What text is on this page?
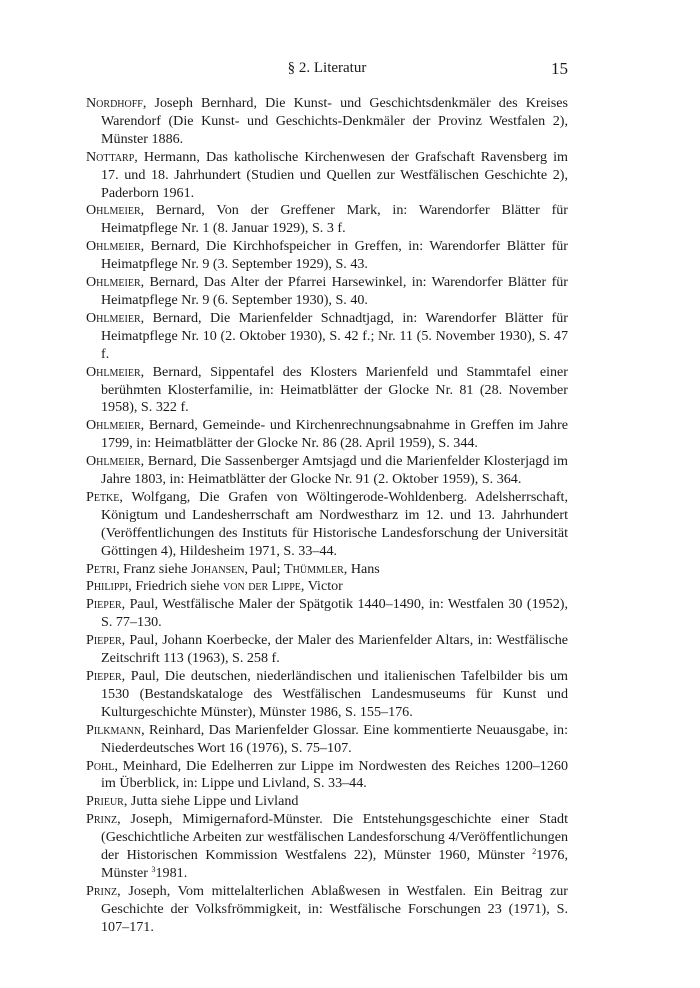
§ 2. Literatur	15

Nordhoff, Joseph Bernhard, Die Kunst- und Geschichtsdenkmäler des Kreises Warendorf (Die Kunst- und Geschichts-Denkmäler der Provinz Westfalen 2), Münster 1886.

Nottarp, Hermann, Das katholische Kirchenwesen der Grafschaft Ravensberg im 17. und 18. Jahrhundert (Studien und Quellen zur Westfälischen Geschichte 2), Paderborn 1961.

Ohlmeier, Bernard, Von der Greffener Mark, in: Warendorfer Blätter für Heimatpflege Nr. 1 (8. Januar 1929), S. 3 f.

Ohlmeier, Bernard, Die Kirchhofspeicher in Greffen, in: Warendorfer Blätter für Heimatpflege Nr. 9 (3. September 1929), S. 43.

Ohlmeier, Bernard, Das Alter der Pfarrei Harsewinkel, in: Warendorfer Blätter für Heimatpflege Nr. 9 (6. September 1930), S. 40.

Ohlmeier, Bernard, Die Marienfelder Schnadtjagd, in: Warendorfer Blätter für Heimatpflege Nr. 10 (2. Oktober 1930), S. 42 f.; Nr. 11 (5. November 1930), S. 47 f.

Ohlmeier, Bernard, Sippentafel des Klosters Marienfeld und Stammtafel einer berühmten Klosterfamilie, in: Heimatblätter der Glocke Nr. 81 (28. November 1958), S. 322 f.

Ohlmeier, Bernard, Gemeinde- und Kirchenrechnungsabnahme in Greffen im Jahre 1799, in: Heimatblätter der Glocke Nr. 86 (28. April 1959), S. 344.

Ohlmeier, Bernard, Die Sassenberger Amtsjagd und die Marienfelder Klosterjagd im Jahre 1803, in: Heimatblätter der Glocke Nr. 91 (2. Oktober 1959), S. 364.

Petke, Wolfgang, Die Grafen von Wöltingerode-Wohldenberg. Adelsherrschaft, Königtum und Landesherrschaft am Nordwestharz im 12. und 13. Jahrhundert (Veröffentlichungen des Instituts für Historische Landesforschung der Universität Göttingen 4), Hildesheim 1971, S. 33–44.

Petri, Franz siehe Johansen, Paul; Thümmler, Hans

Philippi, Friedrich siehe von der Lippe, Victor

Pieper, Paul, Westfälische Maler der Spätgotik 1440–1490, in: Westfalen 30 (1952), S. 77–130.

Pieper, Paul, Johann Koerbecke, der Maler des Marienfelder Altars, in: Westfälische Zeitschrift 113 (1963), S. 258 f.

Pieper, Paul, Die deutschen, niederländischen und italienischen Tafelbilder bis um 1530 (Bestandskataloge des Westfälischen Landesmuseums für Kunst und Kulturgeschichte Münster), Münster 1986, S. 155–176.

Pilkmann, Reinhard, Das Marienfelder Glossar. Eine kommentierte Neuausgabe, in: Niederdeutsches Wort 16 (1976), S. 75–107.

Pohl, Meinhard, Die Edelherren zur Lippe im Nordwesten des Reiches 1200–1260 im Überblick, in: Lippe und Livland, S. 33–44.

Prieur, Jutta siehe Lippe und Livland

Prinz, Joseph, Mimigernaford-Münster. Die Entstehungsgeschichte einer Stadt (Geschichtliche Arbeiten zur westfälischen Landesforschung 4/Veröffentlichungen der Historischen Kommission Westfalens 22), Münster 1960, Münster $^2$1976, Münster $^3$1981.

Prinz, Joseph, Vom mittelalterlichen Ablaßwesen in Westfalen. Ein Beitrag zur Geschichte der Volksfrömmigkeit, in: Westfälische Forschungen 23 (1971), S. 107–171.
